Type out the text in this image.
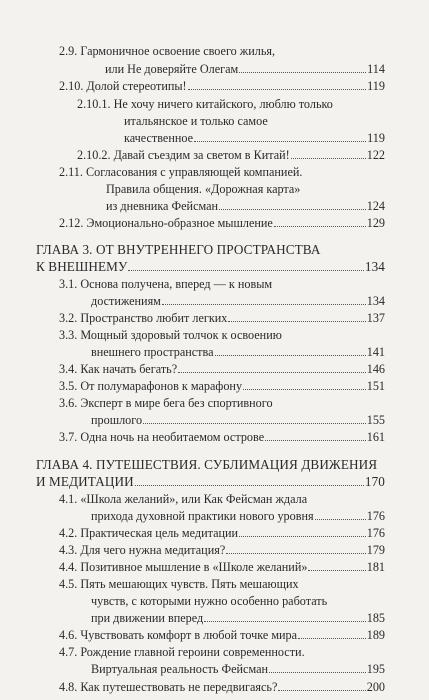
2.9. Гармоничное освоение своего жилья,
или Не доверяйте Олегам	114
2.10. Долой стереотипы!	119
2.10.1. Не хочу ничего китайского, люблю только
итальянское и только самое
качественное	119
2.10.2. Давай съездим за светом в Китай!	122
2.11. Согласования с управляющей компанией.
Правила общения. «Дорожная карта»
из дневника Фейсман	124
2.12. Эмоционально-образное мышление	129
ГЛАВА 3. ОТ ВНУТРЕННЕГО ПРОСТРАНСТВА
К ВНЕШНЕМУ	134
3.1. Основа получена, вперед — к новым
достижениям	134
3.2. Пространство любит легких	137
3.3. Мощный здоровый толчок к освоению
внешнего пространства	141
3.4. Как начать бегать?	146
3.5. От полумарафонов к марафону	151
3.6. Эксперт в мире бега без спортивного
прошлого	155
3.7. Одна ночь на необитаемом острове	161
ГЛАВА 4. ПУТЕШЕСТВИЯ. СУБЛИМАЦИЯ ДВИЖЕНИЯ
И МЕДИТАЦИИ	170
4.1. «Школа желаний», или Как Фейсман ждала
прихода духовной практики нового уровня	176
4.2. Практическая цель медитации	176
4.3. Для чего нужна медитация?	179
4.4. Позитивное мышление в «Школе желаний»	181
4.5. Пять мешающих чувств. Пять мешающих
чувств, с которыми нужно особенно работать
при движении вперед	185
4.6. Чувствовать комфорт в любой точке мира	189
4.7. Рождение главной героини современности.
Виртуальная реальность Фейсман	195
4.8. Как путешествовать не передвигаясь?	200
